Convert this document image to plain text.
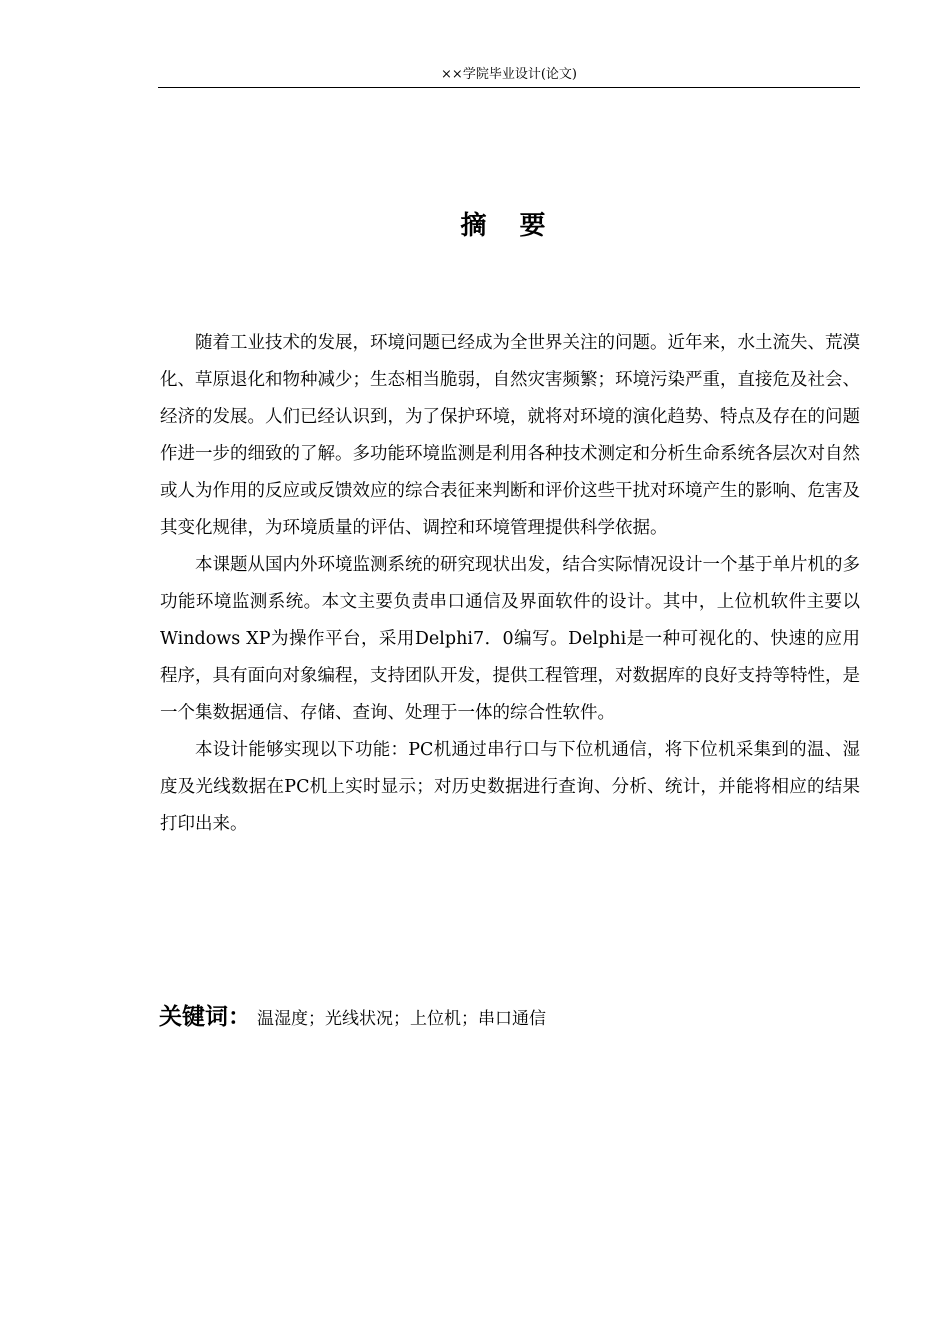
××学院毕业设计(论文)
摘 要

随着工业技术的发展，环境问题已经成为全世界关注的问题。近年来，水土流失、荒漠化、草原退化和物种减少；生态相当脆弱，自然灾害频繁；环境污染严重，直接危及社会、经济的发展。人们已经认识到，为了保护环境，就将对环境的演化趋势、特点及存在的问题作进一步的细致的了解。多功能环境监测是利用各种技术测定和分析生命系统各层次对自然或人为作用的反应或反馈效应的综合表征来判断和评价这些干扰对环境产生的影响、危害及其变化规律，为环境质量的评估、调控和环境管理提供科学依据。

本课题从国内外环境监测系统的研究现状出发，结合实际情况设计一个基于单片机的多功能环境监测系统。本文主要负责串口通信及界面软件的设计。其中，上位机软件主要以Windows XP为操作平台，采用Delphi7．0编写。Delphi是一种可视化的、快速的应用程序，具有面向对象编程，支持团队开发，提供工程管理，对数据库的良好支持等特性，是一个集数据通信、存储、查询、处理于一体的综合性软件。

本设计能够实现以下功能：PC机通过串行口与下位机通信，将下位机采集到的温、湿度及光线数据在PC机上实时显示；对历史数据进行查询、分析、统计，并能将相应的结果打印出来。

关键词： 温湿度；光线状况；上位机；串口通信
